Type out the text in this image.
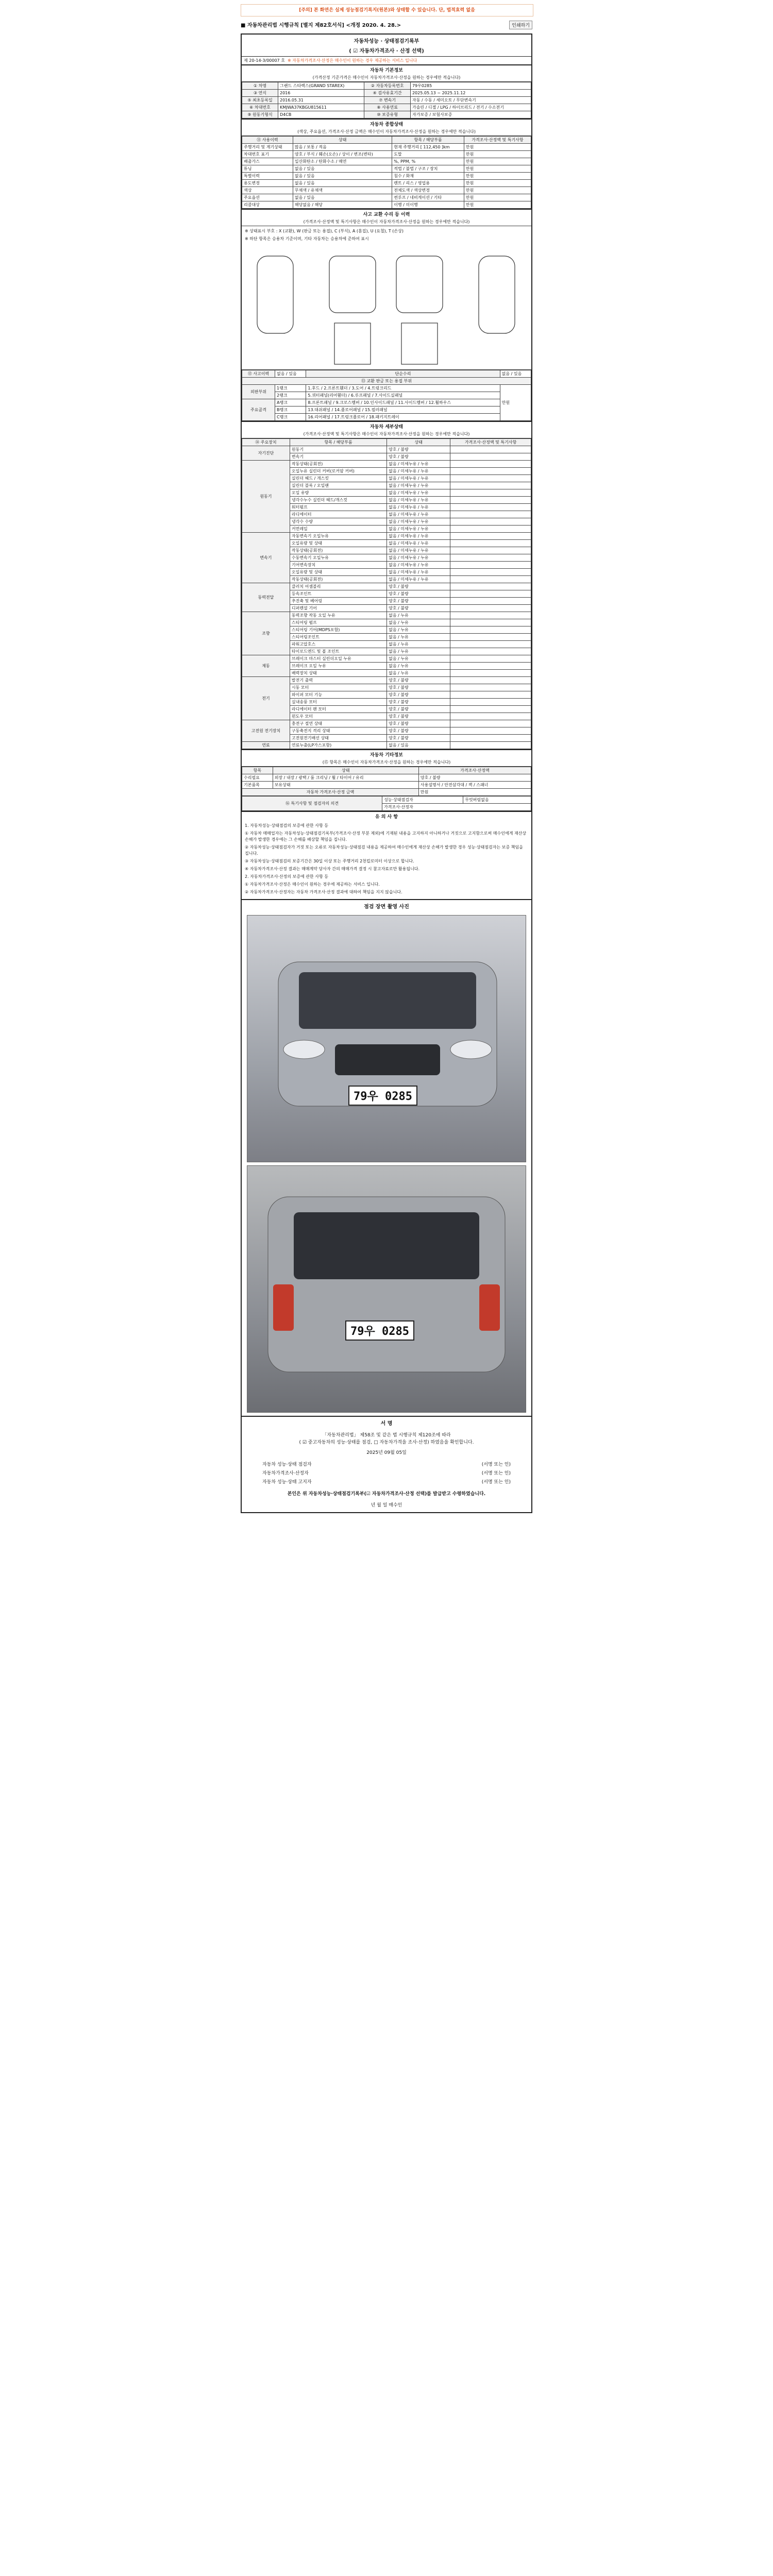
[주의] 본 화면은 실제 성능점검기록지(원본)와 상태할 수 있습니다. 단, 법적효력 없음
■ 자동차관리법 시행규칙 [별지 제82호서식] <개정 2020. 4. 28.>	인쇄하기
자동차성능 · 상태점검기록부
( ☑ 자동차가격조사 · 산정 선택)
제 20-14-3/00007 호 ※ 자동차가격조사·산정은 매수인이 원하는 경우 제공하는 서비스 입니다
자동차 기본정보
(가격산정 기준가격은 매수인이 자동차가격조사·산정을 원하는 경우에만 적습니다)
① 차명	그랜드 스타렉스(GRAND STAREX)	② 자동차등록번호	79우0285
③ 연식	2016	④ 검사유효기간	2025.05.13 ~ 2025.11.12
⑤ 최초등록일	2016.05.31	⑦ 변속기	자동 / 수동 / 세미오토 / 무단변속기
⑥ 차대번호	KMJWA37KBGU815611	⑧ 사용연료	가솔린 / 디젤 / LPG / 하이브리드 / 전기 / 수소전기
⑨ 원동기형식	D4CB	⑩ 보증유형	자가보증 / 보험사보증
자동차 종합상태
(색상, 주요옵션, 가격조사·산정 금액은 매수인이 자동차가격조사·산정을 원하는 경우에만 적습니다)
⑪ 사용이력	상태	항목 / 해당부품	가격조사·산정액 및 특기사항
주행거리 및 계기상태	많음 / 보통 / 적음	현재 주행거리 [ 112,450 ]km	만원
차대번호 표기	양호 / 부식 / 훼손(오손) / 상이 / 변조(변타)	도말	만원
배출가스	일산화탄소 / 탄화수소 / 매연	%, PPM, %	만원
튜닝	없음 / 있음	적법 / 불법 / 구조 / 장치	만원
특별이력	없음 / 있음	침수 / 화재	만원
용도변경	없음 / 있음	렌트 / 리스 / 영업용	만원
색상	무채색 / 유채색	전체도색 / 색상변경	만원
주요옵션	없음 / 있음	썬루프 / 네비게이션 / 기타	만원
리콜대상	해당없음 / 해당	이행 / 미이행	만원
사고 교환 수리 등 이력
(가격조사·산정액 및 특기사항은 매수인이 자동차가격조사·산정을 원하는 경우에만 적습니다)

※ 상태표시 부호 : X (교환), W (판금 또는 용접), C (부식), A (흠집), U (요철), T (손상)

※ 하단 항목은 승용차 기준이며, 기타 자동차는 승용차에 준하여 표시

⑫ 사고이력	없음 / 있음	단순수리	없음 / 있음
⑬ 교환 판금 또는 용접 부위			
외판부위	1랭크	1.후드 / 2.프론트휀더 / 3.도어 / 4.트렁크리드	만원
	2랭크	5.쿼터패널(리어휀더) / 6.루프패널 / 7.사이드실패널	
주요골격	A랭크	8.프론트패널 / 9.크로스멤버 / 10.인사이드패널 / 11.사이드멤버 / 12.휠하우스	
	B랭크	13.대쉬패널 / 14.플로어패널 / 15.필러패널	
	C랭크	16.리어패널 / 17.트렁크플로어 / 18.패키지트레이	
자동차 세부상태
(가격조사·산정액 및 특기사항은 매수인이 자동차가격조사·산정을 원하는 경우에만 적습니다)
⑭ 주요장치	항목 / 해당부품	상태	가격조사·산정액 및 특기사항
자기진단	원동기	양호 / 불량	
	변속기	양호 / 불량	
원동기	작동상태(공회전)	없음 / 미세누유 / 누유	
	오일누유 실린더 커버(로커암 커버)	없음 / 미세누유 / 누유	
	실린더 헤드 / 개스킷	없음 / 미세누유 / 누유	
	실린더 블록 / 오일팬	없음 / 미세누유 / 누유	
	오일 유량	없음 / 미세누유 / 누유	
	냉각수누수 실린더 헤드/개스킷	없음 / 미세누유 / 누유	
	워터펌프	없음 / 미세누유 / 누유	
	라디에이터	없음 / 미세누유 / 누유	
	냉각수 수량	없음 / 미세누유 / 누유	
	커먼레일	없음 / 미세누유 / 누유	
변속기	자동변속기 오일누유	없음 / 미세누유 / 누유	
	오일유량 및 상태	없음 / 미세누유 / 누유	
	작동상태(공회전)	없음 / 미세누유 / 누유	
	수동변속기 오일누유	없음 / 미세누유 / 누유	
	기어변속장치	없음 / 미세누유 / 누유	
	오일유량 및 상태	없음 / 미세누유 / 누유	
	작동상태(공회전)	없음 / 미세누유 / 누유	
동력전달	클러치 어셈블리	양호 / 불량	
	등속조인트	양호 / 불량	
	추진축 및 베어링	양호 / 불량	
	디퍼렌셜 기어	양호 / 불량	
조향	동력조향 작동 오일 누유	없음 / 누유	
	스티어링 펌프	없음 / 누유	
	스티어링 기어(MDPS포함)	없음 / 누유	
	스티어링조인트	없음 / 누유	
	파워고압호스	없음 / 누유	
	타이로드엔드 및 볼 조인트	없음 / 누유	
제동	브레이크 마스터 실린더오일 누유	없음 / 누유	
	브레이크 오일 누유	없음 / 누유	
	배력장치 상태	없음 / 누유	
전기	발전기 출력	양호 / 불량	
	시동 모터	양호 / 불량	
	와이퍼 모터 기능	양호 / 불량	
	실내송풍 모터	양호 / 불량	
	라디에이터 팬 모터	양호 / 불량	
	윈도우 모터	양호 / 불량	
고전원 전기장치	충전구 절연 상태	양호 / 불량	
	구동축전지 격리 상태	양호 / 불량	
	고전원전기배선 상태	양호 / 불량	
연료	연료누출(LP가스포함)	없음 / 있음	
자동차 기타정보
(⑮ 항목은 매수인이 자동차가격조사·산정을 원하는 경우에만 적습니다)
항목	상태	가격조사·산정액
수리필요	외장 / 내장 / 광택 / 룸 크리닝 / 휠 / 타이어 / 유리	양호 / 불량
기본품목	보유상태	사용설명서 / 안전삼각대 / 잭 / 스패너
자동차 가격조사·산정 금액		만원
⑯ 특기사항 및 점검자의 의견	성능·상태점검자	무엇버림없음
가격조사·산정자
유 의 사 항

1. 자동차성능·상태점검의 보증에 관한 사항 등

① 자동차 매매업자는 자동차성능·상태점검기록부(가격조사·산정 부분 제외)에 기재된 내용을 고지하지 아니하거나 거짓으로 고지함으로써 매수인에게 재산상 손해가 발생한 경우에는 그 손해를 배상할 책임을 집니다.

② 자동차성능·상태점검자가 거짓 또는 오류로 자동차성능·상태점검 내용을 제공하여 매수인에게 재산상 손해가 발생한 경우 성능·상태점검자는 보증 책임을 집니다.

③ 자동차성능·상태점검의 보증기간은 30일 이상 또는 주행거리 2천킬로미터 이상으로 합니다.

④ 자동차가격조사·산정 결과는 매매계약 당사자 간의 매매가격 결정 시 참고자료로만 활용됩니다.

2. 자동차가격조사·산정의 보증에 관한 사항 등

① 자동차가격조사·산정은 매수인이 원하는 경우에 제공하는 서비스 입니다.

② 자동차가격조사·산정자는 자동차 가격조사·산정 결과에 대하여 책임을 지지 않습니다.

점검 장면 촬영 사진
79우 0285
79우 0285
서 명
「자동차관리법」 제58조 및 같은 법 시행규칙 제120조에 따라
( ☑ 중고자동차의 성능·상태를 점검, □ 자동차가격을 조사·산정) 하였음을 확인합니다.
2025년 09월 05일
자동차 성능·상태 점검자	(서명 또는 인)
자동차가격조사·산정자	(서명 또는 인)
자동차 성능·상태 고지자	(서명 또는 인)
본인은 위 자동차성능·상태점검기록부(☑ 자동차가격조사·산정 선택)를 발급받고 수령하였습니다.
년 월 일 매수인
